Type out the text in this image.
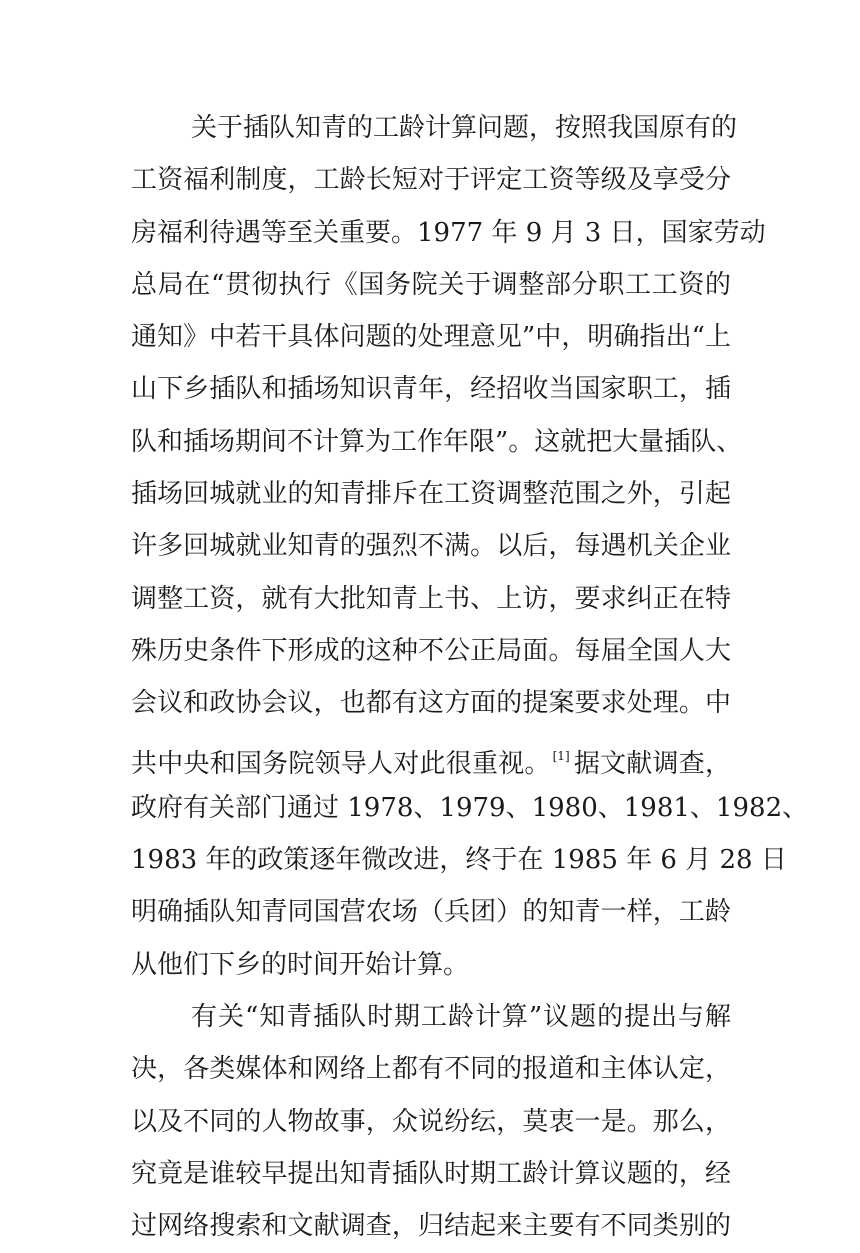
关于插队知青的工龄计算问题，按照我国原有的
工资福利制度，工龄长短对于评定工资等级及享受分
房福利待遇等至关重要。1977 年 9 月 3 日，国家劳动
总局在“贯彻执行《国务院关于调整部分职工工资的
通知》中若干具体问题的处理意见”中，明确指出“上
山下乡插队和插场知识青年，经招收当国家职工，插
队和插场期间不计算为工作年限”。这就把大量插队、
插场回城就业的知青排斥在工资调整范围之外，引起
许多回城就业知青的强烈不满。以后，每遇机关企业
调整工资，就有大批知青上书、上访，要求纠正在特
殊历史条件下形成的这种不公正局面。每届全国人大
会议和政协会议，也都有这方面的提案要求处理。中
共中央和国务院领导人对此很重视。 [1] 据文献调查，
政府有关部门通过 1978、1979、1980、1981、1982、
1983 年的政策逐年微改进，终于在 1985 年 6 月 28 日
明确插队知青同国营农场（兵团）的知青一样，工龄
从他们下乡的时间开始计算。
有关“知青插队时期工龄计算”议题的提出与解
决，各类媒体和网络上都有不同的报道和主体认定，
以及不同的人物故事，众说纷纭，莫衷一是。那么，
究竟是谁较早提出知青插队时期工龄计算议题的，经
过网络搜索和文献调查，归结起来主要有不同类别的
